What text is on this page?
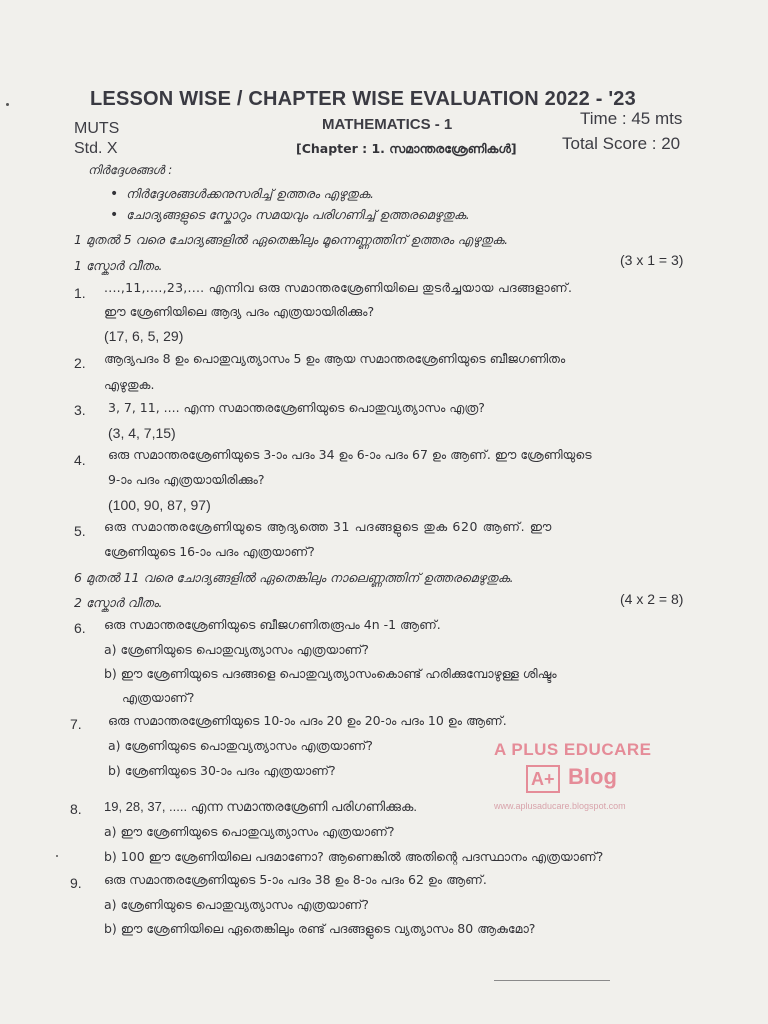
LESSON WISE / CHAPTER WISE EVALUATION 2022 - '23
MUTS	MATHEMATICS - 1	Time : 45 mts
Std. X	[Chapter : 1. സമാന്തരശ്രേണികൾ]	Total Score : 20
നിർദ്ദേശങ്ങൾ :
• നിർദ്ദേശങ്ങൾക്കനുസരിച്ച് ഉത്തരം എഴുതുക.
• ചോദ്യങ്ങളുടെ സ്കോറും സമയവും പരിഗണിച്ച് ഉത്തരമെഴുതുക.
1 മുതൽ 5 വരെ ചോദ്യങ്ങളിൽ ഏതെങ്കിലും മൂന്നെണ്ണത്തിന് ഉത്തരം എഴുതുക.
1 സ്കോർ വീതം.	(3 x 1 = 3)
1. ....,11,....,23,.... എന്നിവ ഒരു സമാന്തരശ്രേണിയിലെ തുടർച്ചയായ പദങ്ങളാണ്.
ഈ ശ്രേണിയിലെ ആദ്യ പദം എത്രയായിരിക്കും?
(17, 6, 5, 29)
2. ആദ്യപദം 8 ഉം പൊതുവ്യത്യാസം 5 ഉം ആയ സമാന്തരശ്രേണിയുടെ ബീജഗണിതം
എഴുതുക.
3. 3, 7, 11, .... എന്ന സമാന്തരശ്രേണിയുടെ പൊതുവ്യത്യാസം എത്ര?
(3, 4, 7,15)
4. ഒരു സമാന്തരശ്രേണിയുടെ 3-ാം പദം 34 ഉം 6-ാം പദം 67 ഉം ആണ്. ഈ ശ്രേണിയുടെ
9-ാം പദം എത്രയായിരിക്കും?
(100, 90, 87, 97)
5. ഒരു സമാന്തരശ്രേണിയുടെ ആദ്യത്തെ 31 പദങ്ങളുടെ തുക 620 ആണ്. ഈ
ശ്രേണിയുടെ 16-ാം പദം എത്രയാണ്?
6 മുതൽ 11 വരെ ചോദ്യങ്ങളിൽ ഏതെങ്കിലും നാലെണ്ണത്തിന് ഉത്തരമെഴുതുക.
2 സ്കോർ വീതം.	(4 x 2 = 8)
6. ഒരു സമാന്തരശ്രേണിയുടെ ബീജഗണിതരൂപം 4n -1 ആണ്.
a) ശ്രേണിയുടെ പൊതുവ്യത്യാസം എത്രയാണ്?
b) ഈ ശ്രേണിയുടെ പദങ്ങളെ പൊതുവ്യത്യാസംകൊണ്ട് ഹരിക്കുമ്പോഴുള്ള ശിഷ്ടം
എത്രയാണ്?
7. ഒരു സമാന്തരശ്രേണിയുടെ 10-ാം പദം 20 ഉം 20-ാം പദം 10 ഉം ആണ്.
a) ശ്രേണിയുടെ പൊതുവ്യത്യാസം എത്രയാണ്?
b) ശ്രേണിയുടെ 30-ാം പദം എത്രയാണ്?
A PLUS EDUCARE
A+ Blog
www.aplusaducare.blogspot.com
8. 19, 28, 37, ..... എന്ന സമാന്തരശ്രേണി പരിഗണിക്കുക.
a) ഈ ശ്രേണിയുടെ പൊതുവ്യത്യാസം എത്രയാണ്?
b) 100 ഈ ശ്രേണിയിലെ പദമാണോ? ആണെങ്കിൽ അതിന്റെ പദസ്ഥാനം എത്രയാണ്?
9. ഒരു സമാന്തരശ്രേണിയുടെ 5-ാം പദം 38 ഉം 8-ാം പദം 62 ഉം ആണ്.
a) ശ്രേണിയുടെ പൊതുവ്യത്യാസം എത്രയാണ്?
b) ഈ ശ്രേണിയിലെ ഏതെങ്കിലും രണ്ട് പദങ്ങളുടെ വ്യത്യാസം 80 ആകുമോ?
